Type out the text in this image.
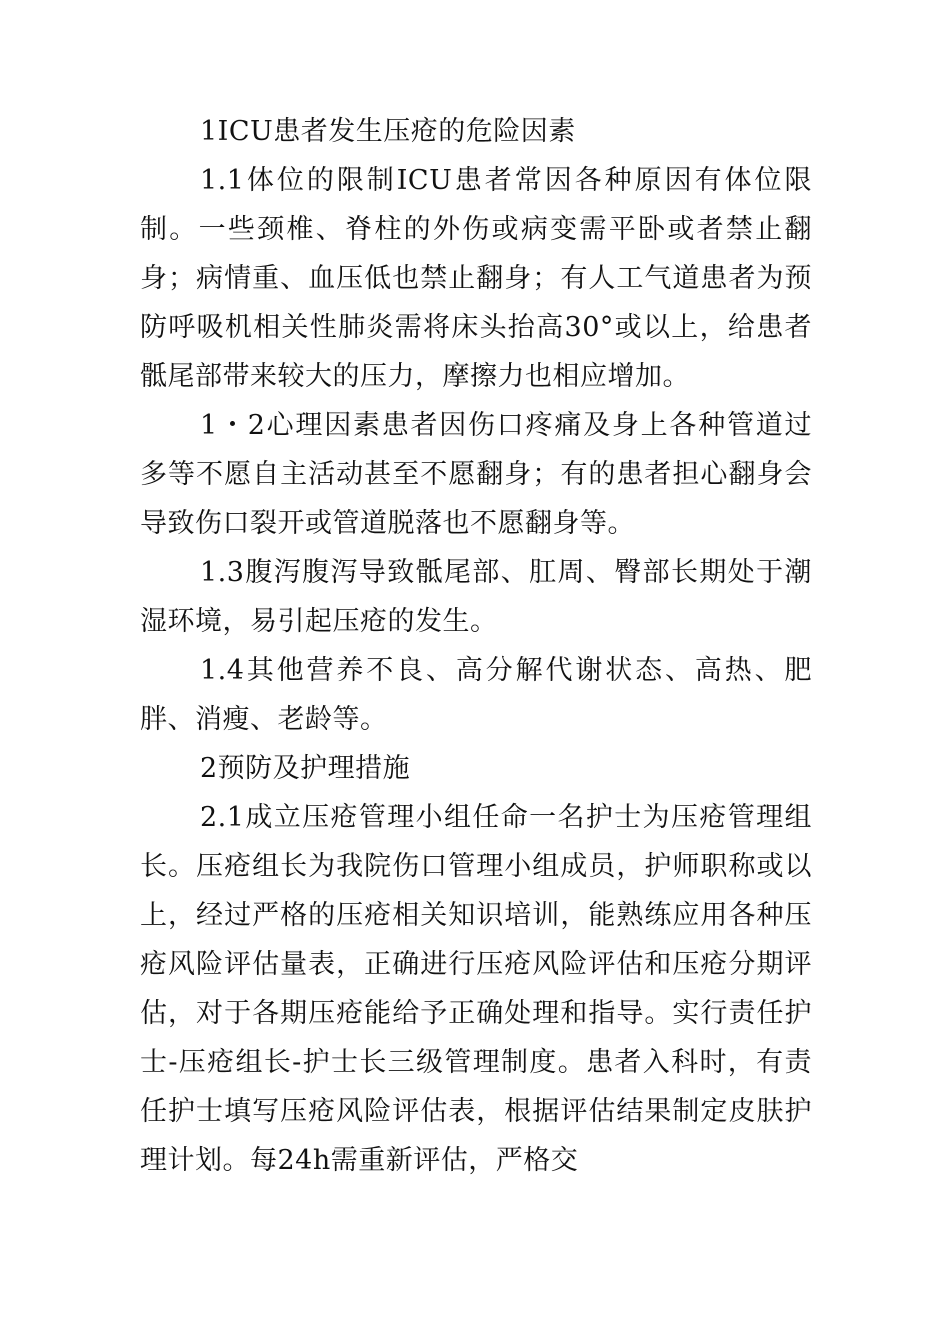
1ICU患者发生压疮的危险因素

1.1体位的限制ICU患者常因各种原因有体位限制。一些颈椎、脊柱的外伤或病变需平卧或者禁止翻身；病情重、血压低也禁止翻身；有人工气道患者为预防呼吸机相关性肺炎需将床头抬高30°或以上，给患者骶尾部带来较大的压力，摩擦力也相应增加。

1・2心理因素患者因伤口疼痛及身上各种管道过多等不愿自主活动甚至不愿翻身；有的患者担心翻身会导致伤口裂开或管道脱落也不愿翻身等。

1.3腹泻腹泻导致骶尾部、肛周、臀部长期处于潮湿环境，易引起压疮的发生。

1.4其他营养不良、高分解代谢状态、高热、肥胖、消瘦、老龄等。

2预防及护理措施

2.1成立压疮管理小组任命一名护士为压疮管理组长。压疮组长为我院伤口管理小组成员，护师职称或以上，经过严格的压疮相关知识培训，能熟练应用各种压疮风险评估量表，正确进行压疮风险评估和压疮分期评估，对于各期压疮能给予正确处理和指导。实行责任护士-压疮组长-护士长三级管理制度。患者入科时，有责任护士填写压疮风险评估表，根据评估结果制定皮肤护理计划。每24h需重新评估，严格交
